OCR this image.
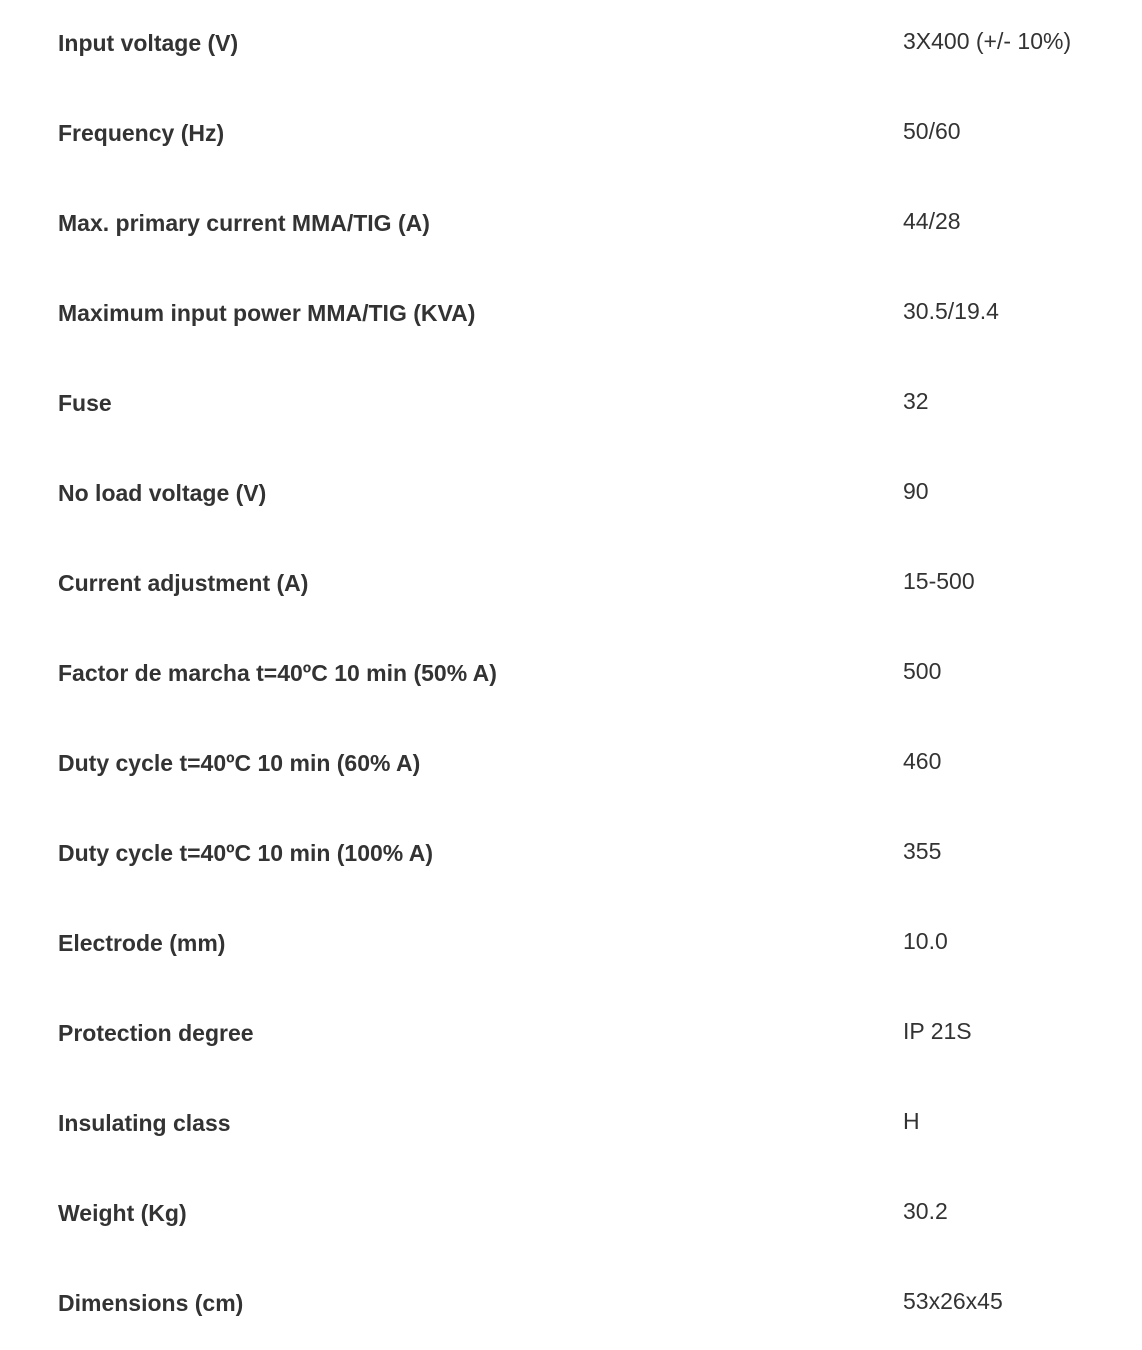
Input voltage (V)	3X400 (+/- 10%)
Frequency (Hz)	50/60
Max. primary current MMA/TIG (A)	44/28
Maximum input power MMA/TIG (KVA)	30.5/19.4
Fuse	32
No load voltage (V)	90
Current adjustment (A)	15-500
Factor de marcha t=40ºC 10 min (50% A)	500
Duty cycle t=40ºC 10 min (60% A)	460
Duty cycle t=40ºC 10 min (100% A)	355
Electrode (mm)	10.0
Protection degree	IP 21S
Insulating class	H
Weight (Kg)	30.2
Dimensions (cm)	53x26x45
